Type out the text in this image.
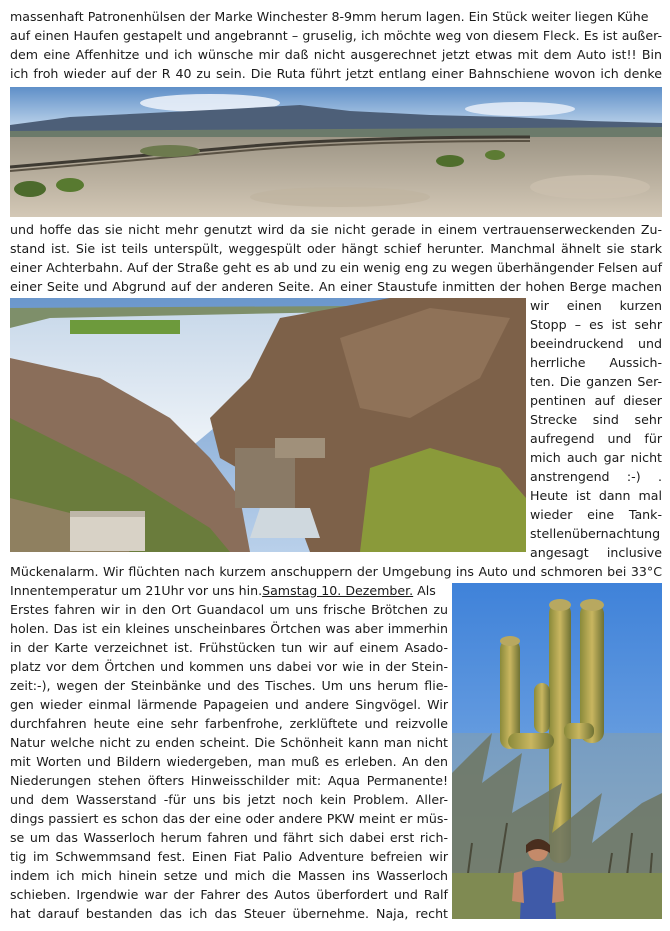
massenhaft Patronenhülsen der Marke Winchester 8-9mm herum lagen. Ein Stück weiter liegen Kühe
auf einen Haufen gestapelt und angebrannt – gruselig, ich möchte weg von diesem Fleck. Es ist außer-
dem eine Affenhitze und ich wünsche mir daß nicht ausgerechnet jetzt etwas mit dem Auto ist!! Bin
ich froh wieder auf der R 40 zu sein. Die Ruta führt jetzt entlang einer Bahnschiene wovon ich denke
und hoffe das sie nicht mehr genutzt wird da sie nicht gerade in einem vertrauenserweckenden Zu-
stand ist. Sie ist teils unterspült, weggespült oder hängt schief herunter. Manchmal ähnelt sie stark
einer Achterbahn. Auf der Straße geht es ab und zu ein wenig eng zu wegen überhängender Felsen auf
einer Seite und Abgrund auf der anderen Seite. An einer Staustufe inmitten der hohen Berge machen
wir einen kurzen
Stopp – es ist sehr
beeindruckend und
herrliche Aussich-
ten. Die ganzen Ser-
pentinen auf dieser
Strecke sind sehr
aufregend und für
mich auch gar nicht
anstrengend :-) .
Heute ist dann mal
wieder eine Tank-
stellenübernachtung
angesagt inclusive
Mückenalarm. Wir flüchten nach kurzem anschuppern der Umgebung ins Auto und schmoren bei 33°C
Innentemperatur um 21Uhr vor uns hin.Samstag 10. Dezember. Als
Erstes fahren wir in den Ort Guandacol um uns frische Brötchen zu
holen. Das ist ein kleines unscheinbares Örtchen was aber immerhin
in der Karte verzeichnet ist. Frühstücken tun wir auf einem Asado-
platz vor dem Örtchen und kommen uns dabei vor wie in der Stein-
zeit:-), wegen der Steinbänke und des Tisches. Um uns herum flie-
gen wieder einmal lärmende Papageien und andere Singvögel. Wir
durchfahren heute eine sehr farbenfrohe, zerklüftete und reizvolle
Natur welche nicht zu enden scheint. Die Schönheit kann man nicht
mit Worten und Bildern wiedergeben, man muß es erleben. An den
Niederungen stehen öfters Hinweisschilder mit: Aqua Permanente!
und dem Wasserstand -für uns bis jetzt noch kein Problem. Aller-
dings passiert es schon das der eine oder andere PKW meint er müs-
se um das Wasserloch herum fahren und fährt sich dabei erst rich-
tig im Schwemmsand fest. Einen Fiat Palio Adventure befreien wir
indem ich mich hinein setze und mich die Massen ins Wasserloch
schieben. Irgendwie war der Fahrer des Autos überfordert und Ralf
hat darauf bestanden das ich das Steuer übernehme. Naja, recht
